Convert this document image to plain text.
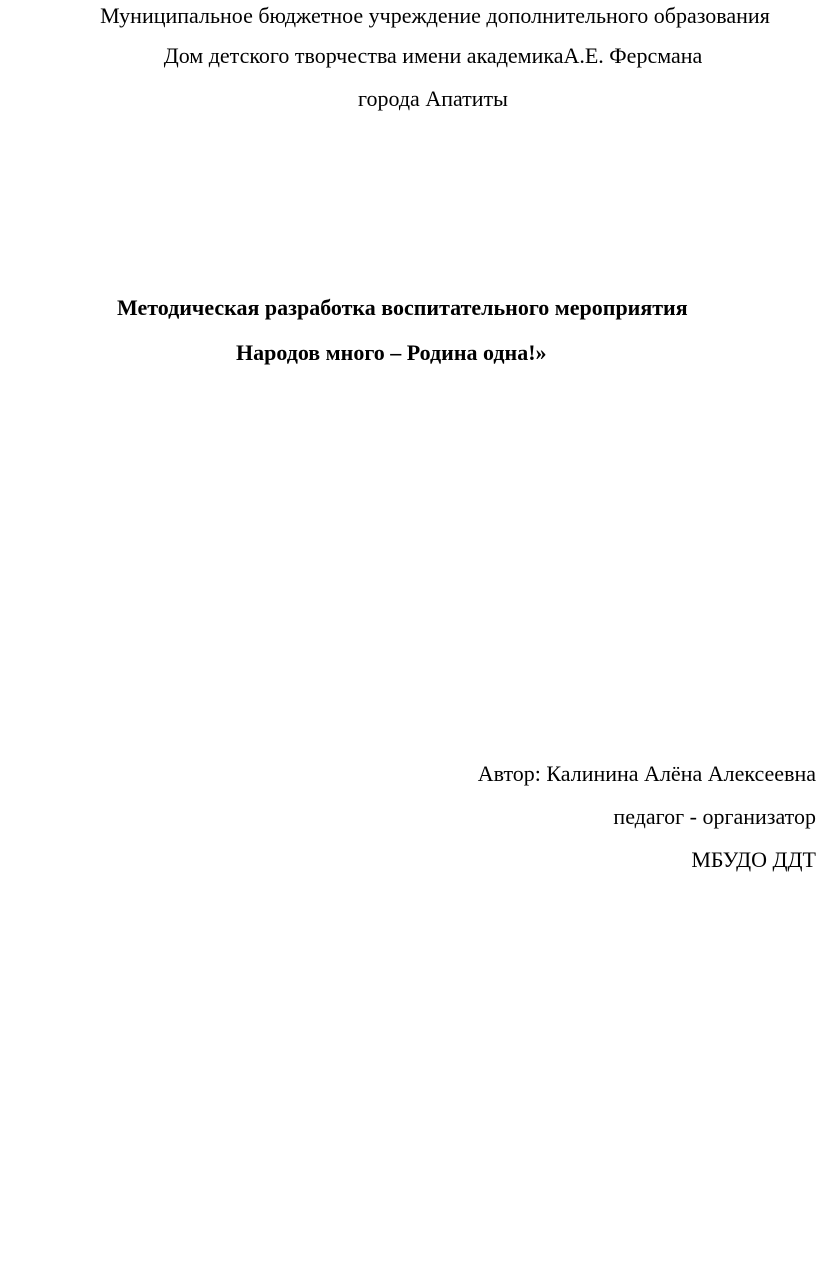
Муниципальное бюджетное учреждение дополнительного образования
Дом детского творчества имени академикаА.Е. Ферсмана
города Апатиты
Методическая разработка воспитательного мероприятия
Народов много – Родина одна!»
Автор: Калинина Алёна Алексеевна
педагог - организатор
МБУДО ДДТ
